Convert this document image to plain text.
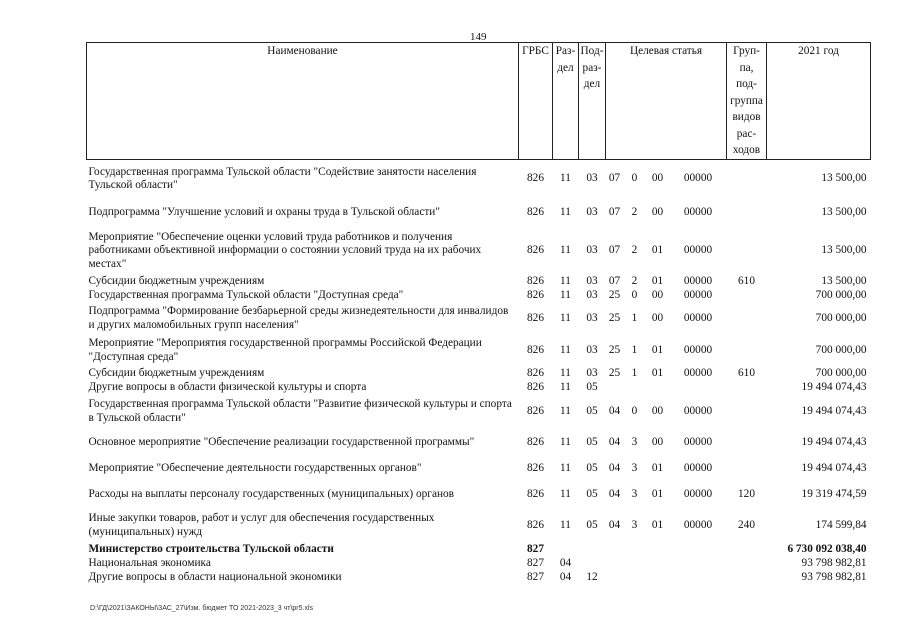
149
Наименование	ГРБС	Раз-дел	Под-раз-дел	Целевая статья				Груп-па, под-группа видов рас-ходов	2021 год
Государственная программа Тульской области "Содействие занятости населения Тульской области"	826	11	03	07	0	00	00000		13 500,00
Подпрограмма "Улучшение условий и охраны труда в Тульской области"	826	11	03	07	2	00	00000		13 500,00
Мероприятие "Обеспечение оценки условий труда работников и получения работниками объективной информации о состоянии условий труда на их рабочих местах"	826	11	03	07	2	01	00000		13 500,00
Субсидии бюджетным учреждениям	826	11	03	07	2	01	00000	610	13 500,00
Государственная программа Тульской области "Доступная среда"	826	11	03	25	0	00	00000		700 000,00
Подпрограмма "Формирование безбарьерной среды жизнедеятельности для инвалидов и других маломобильных групп населения"	826	11	03	25	1	00	00000		700 000,00
Мероприятие "Мероприятия государственной программы Российской Федерации "Доступная среда"	826	11	03	25	1	01	00000		700 000,00
Субсидии бюджетным учреждениям	826	11	03	25	1	01	00000	610	700 000,00
Другие вопросы в области физической культуры и спорта	826	11	05						19 494 074,43
Государственная программа Тульской области "Развитие физической культуры и спорта в Тульской области"	826	11	05	04	0	00	00000		19 494 074,43
Основное мероприятие "Обеспечение реализации государственной программы"	826	11	05	04	3	00	00000		19 494 074,43
Мероприятие "Обеспечение деятельности государственных органов"	826	11	05	04	3	01	00000		19 494 074,43
Расходы на выплаты персоналу государственных (муниципальных) органов	826	11	05	04	3	01	00000	120	19 319 474,59
Иные закупки товаров, работ и услуг для обеспечения государственных (муниципальных) нужд	826	11	05	04	3	01	00000	240	174 599,84
Министерство строительства Тульской области	827								6 730 092 038,40
Национальная экономика	827	04							93 798 982,81
Другие вопросы в области национальной экономики	827	04	12						93 798 982,81
D:\ГД\2021\ЗАКОНЫ\ЗАС_27\Изм. бюджет ТО 2021-2023_3 чт\pr5.xls
